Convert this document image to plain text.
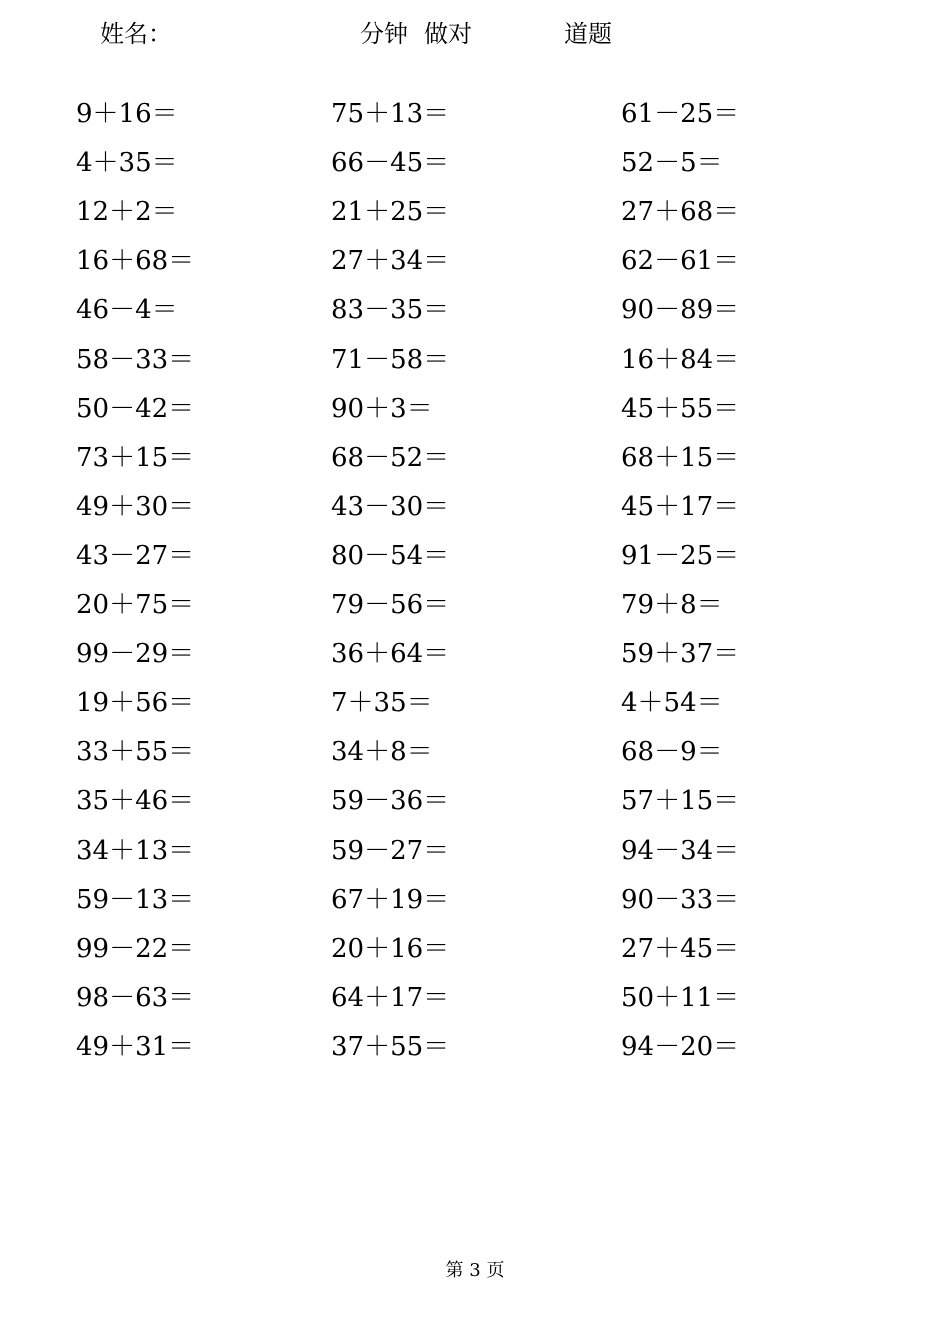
姓名：	分钟 做对	道题
9＋16＝
4＋35＝
12＋2＝
16＋68＝
46－4＝
58－33＝
50－42＝
73＋15＝
49＋30＝
43－27＝
20＋75＝
99－29＝
19＋56＝
33＋55＝
35＋46＝
34＋13＝
59－13＝
99－22＝
98－63＝
49＋31＝
75＋13＝
66－45＝
21＋25＝
27＋34＝
83－35＝
71－58＝
90＋3＝
68－52＝
43－30＝
80－54＝
79－56＝
36＋64＝
7＋35＝
34＋8＝
59－36＝
59－27＝
67＋19＝
20＋16＝
64＋17＝
37＋55＝
61－25＝
52－5＝
27＋68＝
62－61＝
90－89＝
16＋84＝
45＋55＝
68＋15＝
45＋17＝
91－25＝
79＋8＝
59＋37＝
4＋54＝
68－9＝
57＋15＝
94－34＝
90－33＝
27＋45＝
50＋11＝
94－20＝
第 3 页
